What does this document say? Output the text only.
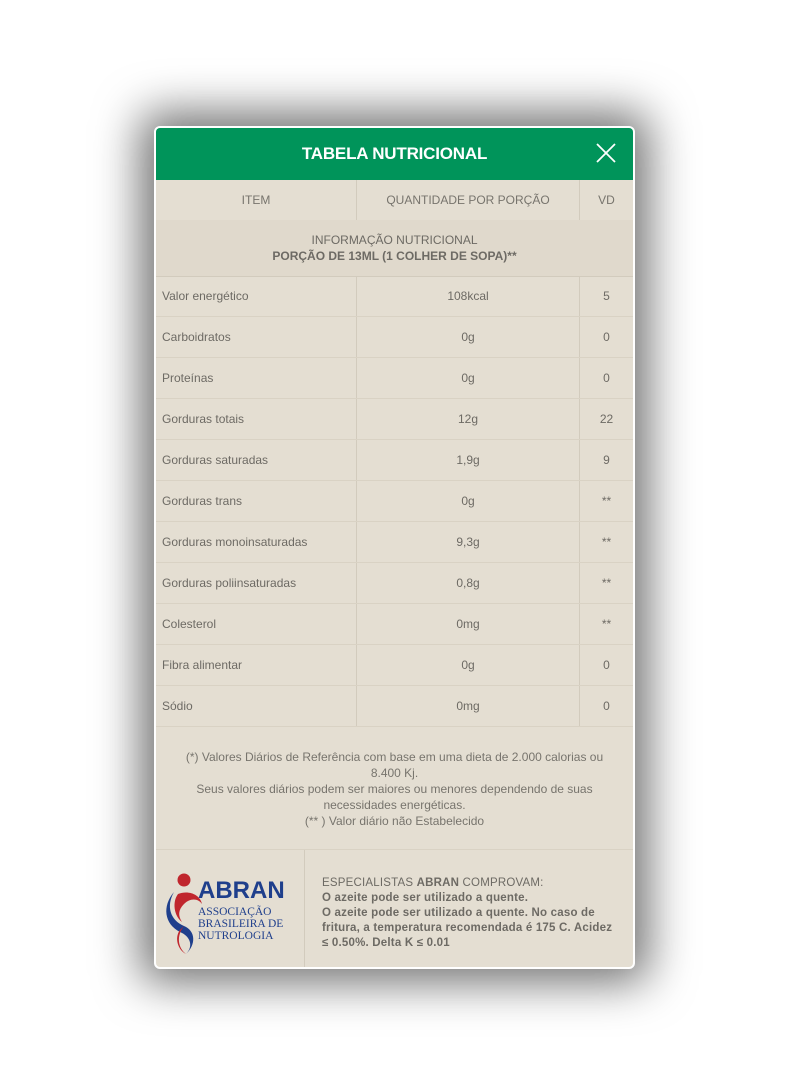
TABELA NUTRICIONAL
ITEM	QUANTIDADE POR PORÇÃO	VD
INFORMAÇÃO NUTRICIONAL
PORÇÃO DE 13ML (1 COLHER DE SOPA)**
Valor energético	108kcal	5
Carboidratos	0g	0
Proteínas	0g	0
Gorduras totais	12g	22
Gorduras saturadas	1,9g	9
Gorduras trans	0g	**
Gorduras monoinsaturadas	9,3g	**
Gorduras poliinsaturadas	0,8g	**
Colesterol	0mg	**
Fibra alimentar	0g	0
Sódio	0mg	0
(*) Valores Diários de Referência com base em uma dieta de 2.000 calorias ou 8.400 Kj.
Seus valores diários podem ser maiores ou menores dependendo de suas necessidades energéticas.
(** ) Valor diário não Estabelecido
ABRAN
ASSOCIAÇÃO
BRASILEIRA DE
NUTROLOGIA
ESPECIALISTAS ABRAN COMPROVAM:
O azeite pode ser utilizado a quente.
O azeite pode ser utilizado a quente. No caso de fritura, a temperatura recomendada é 175 C. Acidez ≤ 0.50%. Delta K ≤ 0.01
